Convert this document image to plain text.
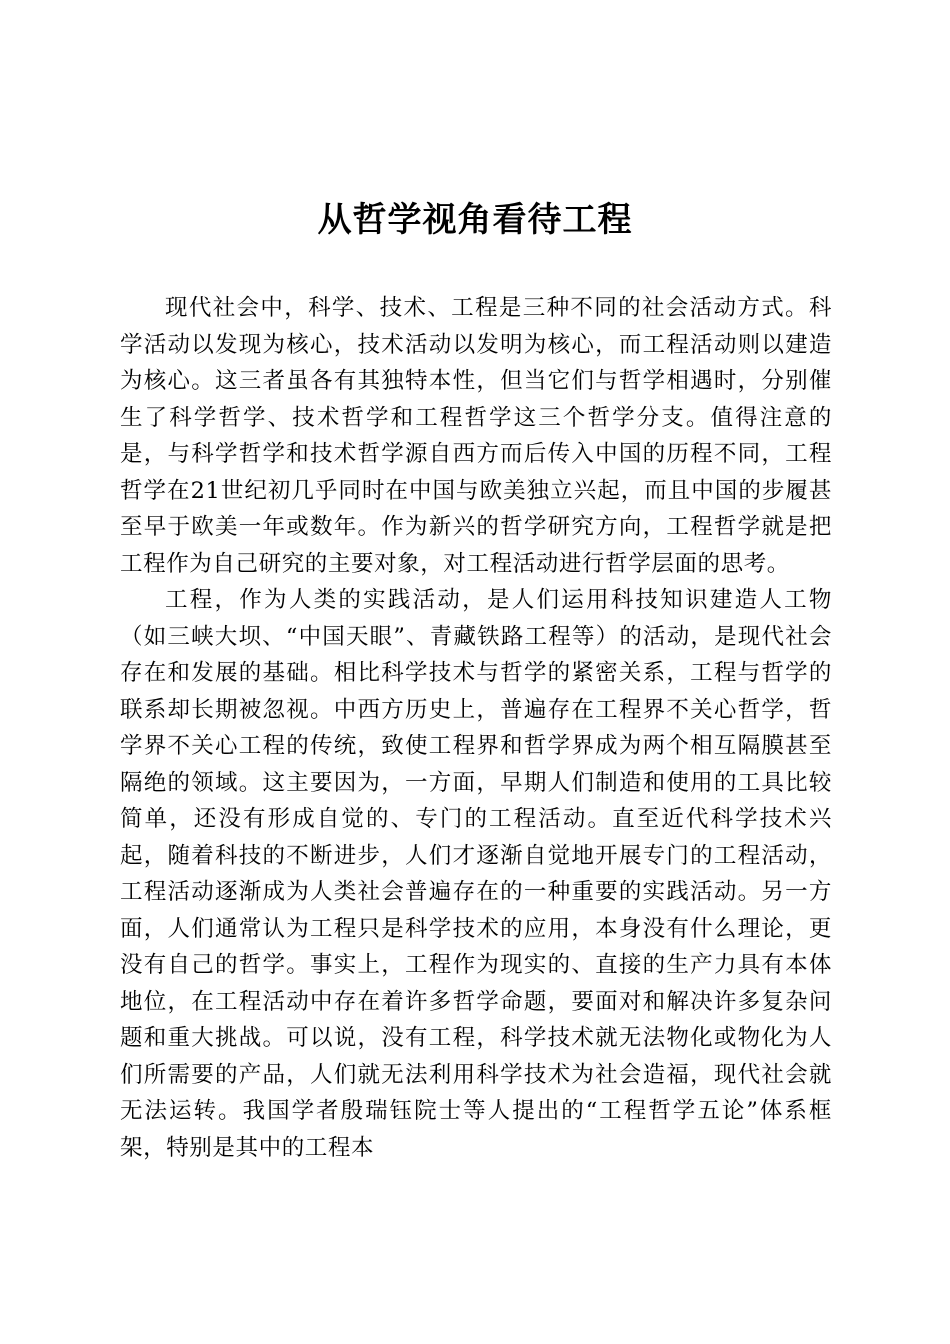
从哲学视角看待工程

现代社会中，科学、技术、工程是三种不同的社会活动方式。科学活动以发现为核心，技术活动以发明为核心，而工程活动则以建造为核心。这三者虽各有其独特本性，但当它们与哲学相遇时，分别催生了科学哲学、技术哲学和工程哲学这三个哲学分支。值得注意的是，与科学哲学和技术哲学源自西方而后传入中国的历程不同，工程哲学在21世纪初几乎同时在中国与欧美独立兴起，而且中国的步履甚至早于欧美一年或数年。作为新兴的哲学研究方向，工程哲学就是把工程作为自己研究的主要对象，对工程活动进行哲学层面的思考。

工程，作为人类的实践活动，是人们运用科技知识建造人工物（如三峡大坝、“中国天眼”、青藏铁路工程等）的活动，是现代社会存在和发展的基础。相比科学技术与哲学的紧密关系，工程与哲学的联系却长期被忽视。中西方历史上，普遍存在工程界不关心哲学，哲学界不关心工程的传统，致使工程界和哲学界成为两个相互隔膜甚至隔绝的领域。这主要因为，一方面，早期人们制造和使用的工具比较简单，还没有形成自觉的、专门的工程活动。直至近代科学技术兴起，随着科技的不断进步，人们才逐渐自觉地开展专门的工程活动，工程活动逐渐成为人类社会普遍存在的一种重要的实践活动。另一方面，人们通常认为工程只是科学技术的应用，本身没有什么理论，更没有自己的哲学。事实上，工程作为现实的、直接的生产力具有本体地位，在工程活动中存在着许多哲学命题，要面对和解决许多复杂问题和重大挑战。可以说，没有工程，科学技术就无法物化或物化为人们所需要的产品，人们就无法利用科学技术为社会造福，现代社会就无法运转。我国学者殷瑞钰院士等人提出的“工程哲学五论”体系框架，特别是其中的工程本
